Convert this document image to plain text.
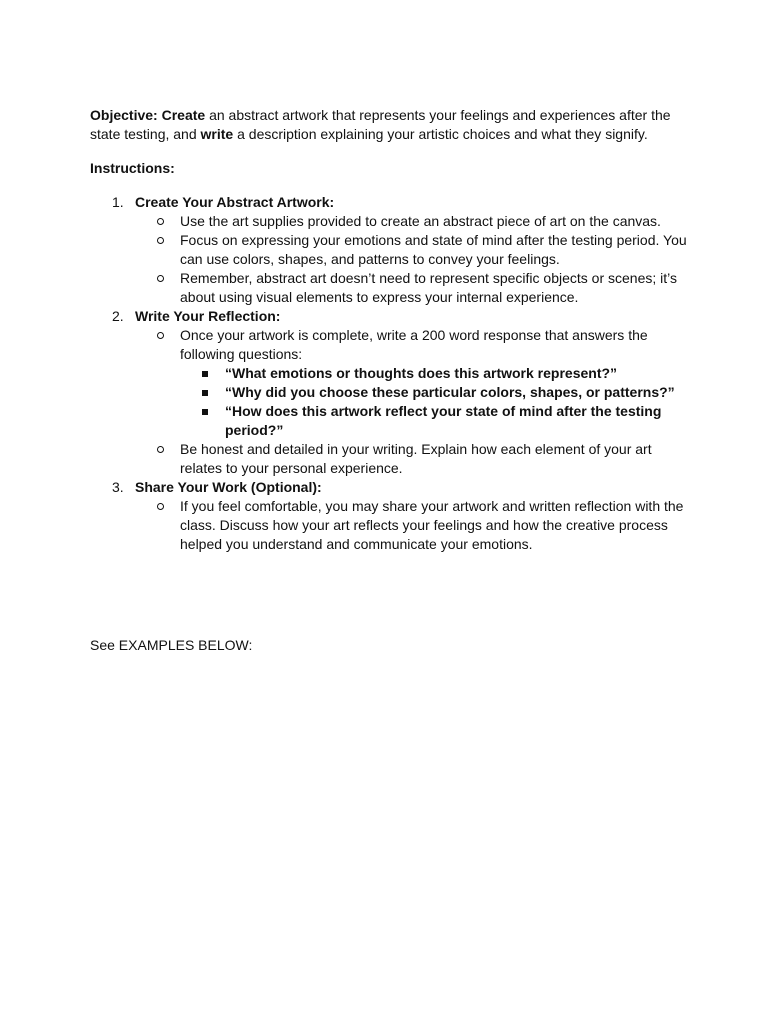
Objective: Create an abstract artwork that represents your feelings and experiences after the state testing, and write a description explaining your artistic choices and what they signify.

Instructions:

1. Create Your Abstract Artwork:
Use the art supplies provided to create an abstract piece of art on the canvas.
Focus on expressing your emotions and state of mind after the testing period. You can use colors, shapes, and patterns to convey your feelings.
Remember, abstract art doesn’t need to represent specific objects or scenes; it’s about using visual elements to express your internal experience.
2. Write Your Reflection:
Once your artwork is complete, write a 200 word response that answers the following questions:
“What emotions or thoughts does this artwork represent?”
“Why did you choose these particular colors, shapes, or patterns?”
“How does this artwork reflect your state of mind after the testing period?”
Be honest and detailed in your writing. Explain how each element of your art relates to your personal experience.
3. Share Your Work (Optional):
If you feel comfortable, you may share your artwork and written reflection with the class. Discuss how your art reflects your feelings and how the creative process helped you understand and communicate your emotions.

See EXAMPLES BELOW:
